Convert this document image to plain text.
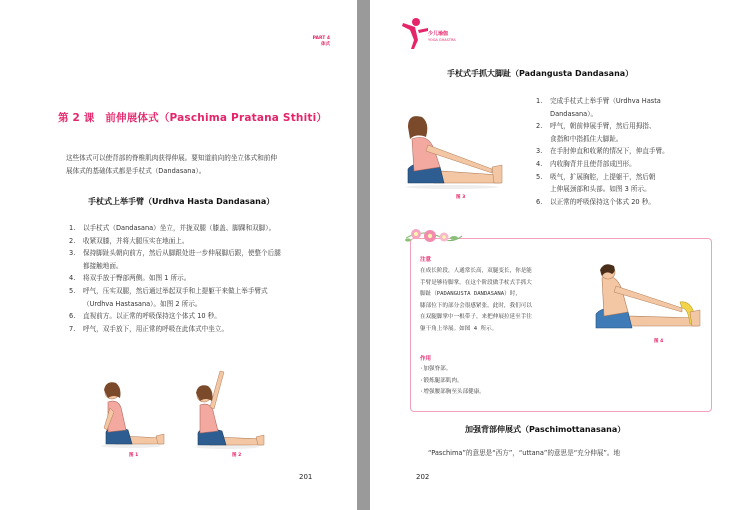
PART 4
体式
第 2 课　前伸展体式（Paschima Pratana Sthiti）
这些体式可以使背部的脊椎肌肉获得伸展。要知道前向的坐立体式和前伸
展体式的基础体式都是手杖式（Dandasana）。
手杖式上举手臂（Urdhva Hasta Dandasana）
1. 以手杖式（Dandasana）坐立，并拢双腿（膝盖、脚踝和双脚）。
2. 收紧双膝，并将大腿压实在地面上。
3. 保持脚趾头朝向前方，然后从脚跟处进一步伸展脚后跟，使整个后腿
都接触地面。
4. 将双手放于臀部两侧。如图 1 所示。
5. 呼气，压实双腿，然后通过举起双手和上提躯干来做上举手臂式
（Urdhva Hastasana）。如图 2 所示。
6. 直视前方。以正常的呼吸保持这个体式 10 秒。
7. 呼气，双手放下，用正常的呼吸在此体式中坐立。
图 1	图 2
201
少儿瑜伽
YOGA GHASTRA
手杖式手抓大脚趾（Padangusta Dandasana）
图 3
1. 完成手杖式上举手臂（Urdhva Hasta
Dandasana）。
2. 呼气，朝前伸展手臂，然后用拇指、
食指和中指抓住大脚趾。
3. 在手肘伸直和收紧的情况下，伸直手臂。
4. 内收胸背并且使背部成凹形。
5. 吸气，扩展胸腔，上提躯干，然后朝
上伸展颈部和头部。如图 3 所示。
6. 以正常的呼吸保持这个体式 20 秒。
注意
在成长阶段，人通常长高，双腿变长，你是能
手臂是够待脚掌。在这个阶段做手杖式手抓大
脚趾（PADANGUSTA DANDASANA）时，
膝部位下的部分会很感紧张。此时，我们可以
在双腿脚掌中一根带子，来把伸展拉延至手往
躯干角上举展。如图 4 所示。
作用
·加强脊部。
·锻炼腿部肌肉。
·增强腰部胸至头部健康。
图 4
加强背部伸展式（Paschimottanasana）
“Paschima”的意思是“西方”，“uttana”的意思是“充分伸展”。地
202
